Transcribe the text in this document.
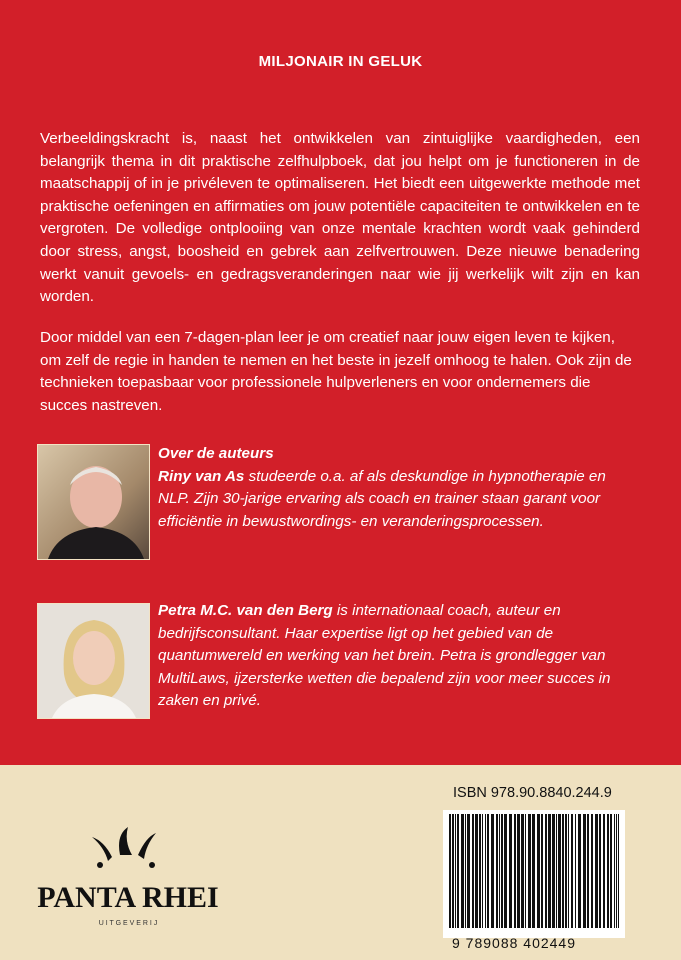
MILJONAIR IN GELUK

Verbeeldingskracht is, naast het ontwikkelen van zintuiglijke vaardigheden, een belangrijk thema in dit praktische zelfhulpboek, dat jou helpt om je functioneren in de maatschappij of in je privéleven te optimaliseren. Het biedt een uitgewerkte methode met praktische oefeningen en affirmaties om jouw potentiële capaciteiten te ontwikkelen en te vergroten. De volledige ontplooiing van onze mentale krachten wordt vaak gehinderd door stress, angst, boosheid en gebrek aan zelfvertrouwen. Deze nieuwe benadering werkt vanuit gevoels- en gedragsveranderingen naar wie jij werkelijk wilt zijn en kan worden.

Door middel van een 7-dagen-plan leer je om creatief naar jouw eigen leven te kijken, om zelf de regie in handen te nemen en het beste in jezelf omhoog te halen. Ook zijn de technieken toepasbaar voor professionele hulpverleners en voor ondernemers die succes nastreven.

Over de auteurs
Riny van As studeerde o.a. af als deskundige in hypnotherapie en NLP. Zijn 30-jarige ervaring als coach en trainer staan garant voor efficiëntie in bewustwordings- en veranderingsprocessen.
Petra M.C. van den Berg is internationaal coach, auteur en bedrijfsconsultant. Haar expertise ligt op het gebied van de quantumwereld en werking van het brein. Petra is grondlegger van MultiLaws, ijzersterke wetten die bepalend zijn voor meer succes in zaken en privé.
PANTA RHEI
U I T G E V E R I J
ISBN 978.90.8840.244.9
9 789088 402449
